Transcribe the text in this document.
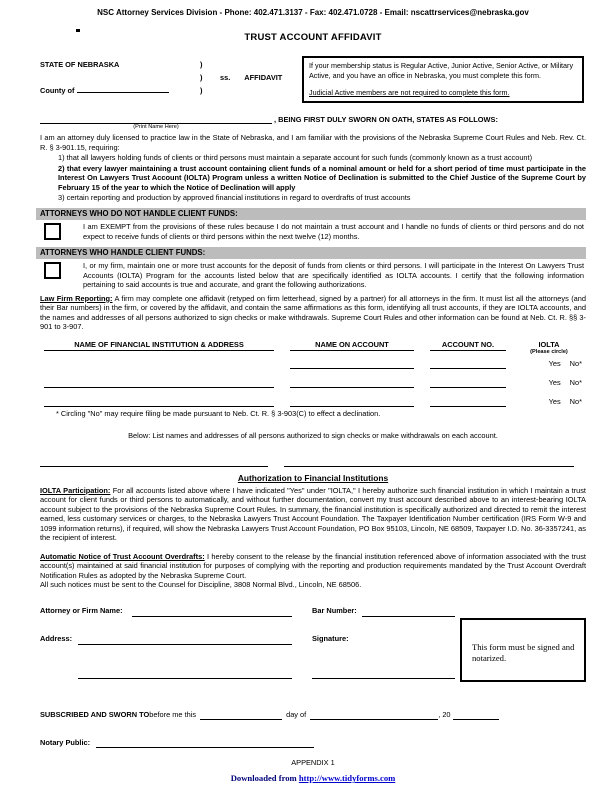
NSC Attorney Services Division - Phone: 402.471.3137 - Fax: 402.471.0728 - Email: nscattrservices@nebraska.gov
TRUST ACCOUNT AFFIDAVIT
STATE OF NEBRASKA	)
)	ss. AFFIDAVIT
County of	)
If your membership status is Regular Active, Junior Active, Senior Active, or Military Active, and you have an office in Nebraska, you must complete this form.
Judicial Active members are not required to complete this form.
(Print Name Here)
, BEING FIRST DULY SWORN ON OATH, STATES AS FOLLOWS:
I am an attorney duly licensed to practice law in the State of Nebraska, and I am familiar with the provisions of the Nebraska Supreme Court Rules and Neb. Rev. Ct. R. § 3-901.15, requiring:
1) that all lawyers holding funds of clients or third persons must maintain a separate account for such funds (commonly known as a trust account)
2) that every lawyer maintaining a trust account containing client funds of a nominal amount or held for a short period of time must participate in the Interest On Lawyers Trust Account (IOLTA) Program unless a written Notice of Declination is submitted to the Chief Justice of the Supreme Court by February 15 of the year to which the Notice of Declination will apply
3) certain reporting and production by approved financial institutions in regard to overdrafts of trust accounts
ATTORNEYS WHO DO NOT HANDLE CLIENT FUNDS:
I am EXEMPT from the provisions of these rules because I do not maintain a trust account and I handle no funds of clients or third persons and do not expect to receive funds of clients or third persons within the next twelve (12) months.
ATTORNEYS WHO HANDLE CLIENT FUNDS:
I, or my firm, maintain one or more trust accounts for the deposit of funds from clients or third persons. I will participate in the Interest On Lawyers Trust Accounts (IOLTA) Program for the accounts listed below that are specifically identified as IOLTA accounts. I certify that the following information pertaining to said accounts is true and accurate, and grant the following authorizations.
Law Firm Reporting: A firm may complete one affidavit (retyped on firm letterhead, signed by a partner) for all attorneys in the firm. It must list all the attorneys (and their Bar numbers) in the firm, or covered by the affidavit, and contain the same affirmations as this form, identifying all trust accounts, if they are IOLTA accounts, and the names and addresses of all persons authorized to sign checks or make withdrawals. Supreme Court Rules and other information can be found at Neb. Ct. R. §§ 3-901 to 3-907.
NAME OF FINANCIAL INSTITUTION & ADDRESS	NAME ON ACCOUNT	ACCOUNT NO.	IOLTA
(Please circle)
Yes No*
Yes No*
Yes No*
* Circling "No" may require filing be made pursuant to Neb. Ct. R. § 3-903(C) to effect a declination.
Below: List names and addresses of all persons authorized to sign checks or make withdrawals on each account.
Authorization to Financial Institutions
IOLTA Participation: For all accounts listed above where I have indicated "Yes" under "IOLTA," I hereby authorize such financial institution in which I maintain a trust account for client funds or third persons to automatically, and without further documentation, convert my trust account described above to an interest-bearing IOLTA account subject to the provisions of the Nebraska Supreme Court Rules. In summary, the financial institution is specifically authorized and directed to remit the interest earned, less customary services or charges, to the Nebraska Lawyers Trust Account Foundation. The Taxpayer Identification Number certification (IRS Form W-9 and 1099 information returns), if required, will show the Nebraska Lawyers Trust Account Foundation, PO Box 95103, Lincoln, NE 68509, Taxpayer I.D. No. 36-3357241, as the recipient of interest.
Automatic Notice of Trust Account Overdrafts: I hereby consent to the release by the financial institution referenced above of information associated with the trust account(s) maintained at said financial institution for purposes of complying with the reporting and production requirements mandated by the Trust Account Overdraft Notification Rules as adopted by the Nebraska Supreme Court.
All such notices must be sent to the Counsel for Discipline, 3808 Normal Blvd., Lincoln, NE 68506.
Attorney or Firm Name:	Bar Number:
Address:	Signature:
This form must be signed and notarized.
SUBSCRIBED AND SWORN TO before me this	day of	, 20
Notary Public:
APPENDIX 1
Downloaded from http://www.tidyforms.com
